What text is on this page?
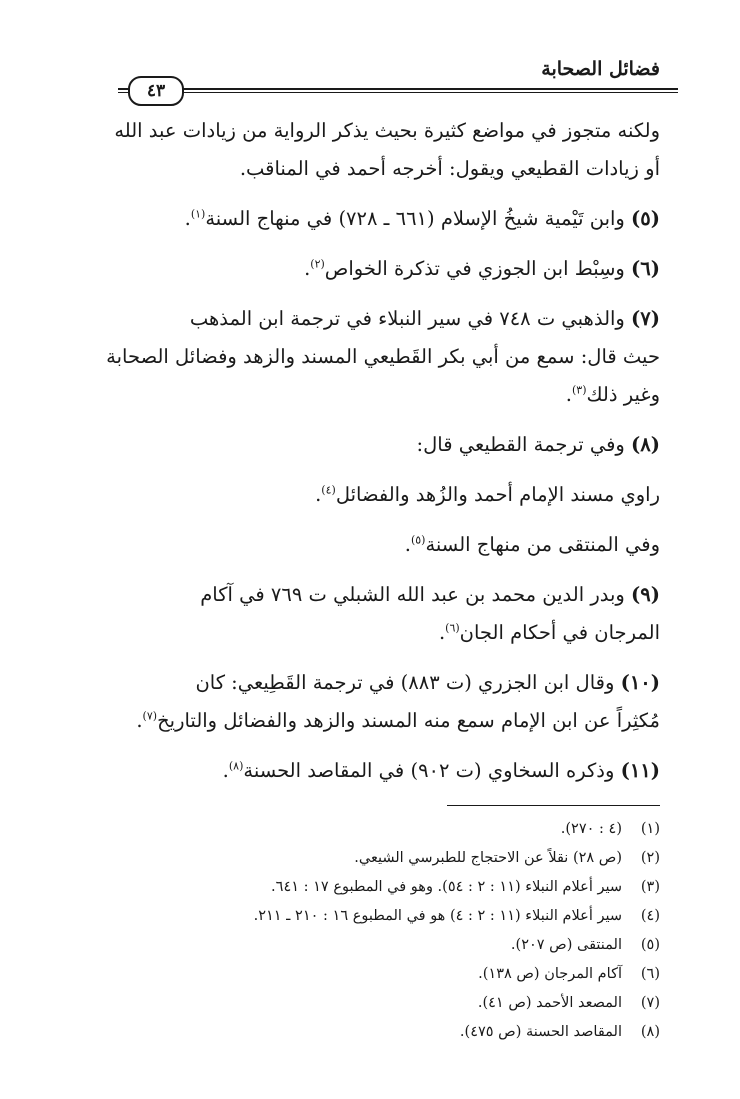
فضائل الصحابة
٤٣

ولكنه متجوز في مواضع كثيرة بحيث يذكر الرواية من زيادات عبد الله
أو زيادات القطيعي ويقول: أخرجه أحمد في المناقب.

(٥) وابن تَيْمية شيخُ الإسلام (٦٦١ ـ ٧٢٨) في منهاج السنة$^{(١)}$.

(٦) وسِبْط ابن الجوزي في تذكرة الخواص$^{(٢)}$.

(٧) والذهبي ت ٧٤٨ في سير النبلاء في ترجمة ابن المذهب
حيث قال: سمع من أبي بكر القَطيعي المسند والزهد وفضائل الصحابة
وغير ذلك$^{(٣)}$.

(٨) وفي ترجمة القطيعي قال:

راوي مسند الإمام أحمد والزُهد والفضائل$^{(٤)}$.

وفي المنتقى من منهاج السنة$^{(٥)}$.

(٩) وبدر الدين محمد بن عبد الله الشبلي ت ٧٦٩ في آكام
المرجان في أحكام الجان$^{(٦)}$.

(١٠) وقال ابن الجزري (ت ٨٨٣) في ترجمة القَطِيعي: كان
مُكثِراً عن ابن الإمام سمع منه المسند والزهد والفضائل والتاريخ$^{(٧)}$.

(١١) وذكره السخاوي (ت ٩٠٢) في المقاصد الحسنة$^{(٨)}$.

(١)(٤ : ٢٧٠).
(٢)(ص ٢٨) نقلاً عن الاحتجاج للطبرسي الشيعي.
(٣)سير أعلام النبلاء (١١ : ٢ : ٥٤). وهو في المطبوع ١٧ : ٦٤١.
(٤)سير أعلام النبلاء (١١ : ٢ : ٤) هو في المطبوع ١٦ : ٢١٠ ـ ٢١١.
(٥)المنتقى (ص ٢٠٧).
(٦)آكام المرجان (ص ١٣٨).
(٧)المصعد الأحمد (ص ٤١).
(٨)المقاصد الحسنة (ص ٤٧٥).
